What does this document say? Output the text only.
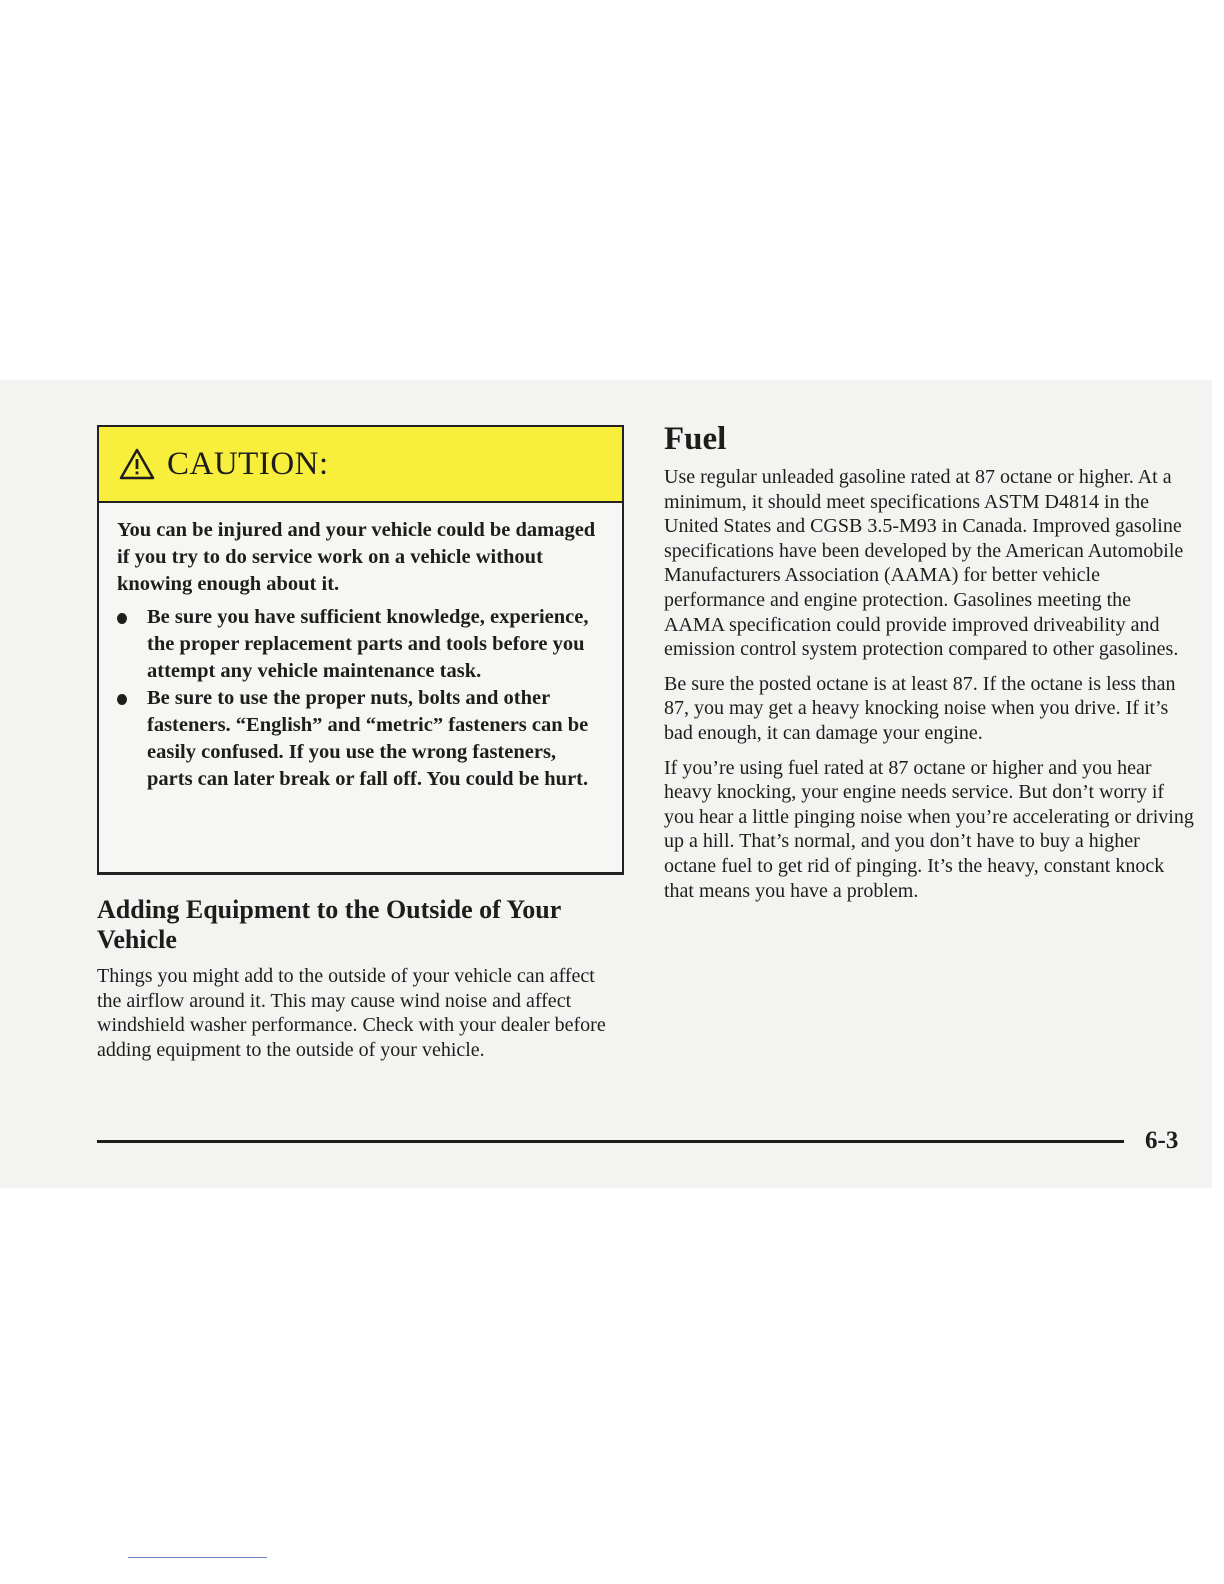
CAUTION:

You can be injured and your vehicle could be damaged if you try to do service work on a vehicle without knowing enough about it.

Be sure you have sufficient knowledge, experience, the proper replacement parts and tools before you attempt any vehicle maintenance task.
Be sure to use the proper nuts, bolts and other fasteners. “English” and “metric” fasteners can be easily confused. If you use the wrong fasteners, parts can later break or fall off. You could be hurt.
Adding Equipment to the Outside of Your Vehicle

Things you might add to the outside of your vehicle can affect the airflow around it. This may cause wind noise and affect windshield washer performance. Check with your dealer before adding equipment to the outside of your vehicle.

Fuel

Use regular unleaded gasoline rated at 87 octane or higher. At a minimum, it should meet specifications ASTM D4814 in the United States and CGSB 3.5-M93 in Canada. Improved gasoline specifications have been developed by the American Automobile Manufacturers Association (AAMA) for better vehicle performance and engine protection. Gasolines meeting the AAMA specification could provide improved driveability and emission control system protection compared to other gasolines.

Be sure the posted octane is at least 87. If the octane is less than 87, you may get a heavy knocking noise when you drive. If it’s bad enough, it can damage your engine.

If you’re using fuel rated at 87 octane or higher and you hear heavy knocking, your engine needs service. But don’t worry if you hear a little pinging noise when you’re accelerating or driving up a hill. That’s normal, and you don’t have to buy a higher octane fuel to get rid of pinging. It’s the heavy, constant knock that means you have a problem.

6-3
